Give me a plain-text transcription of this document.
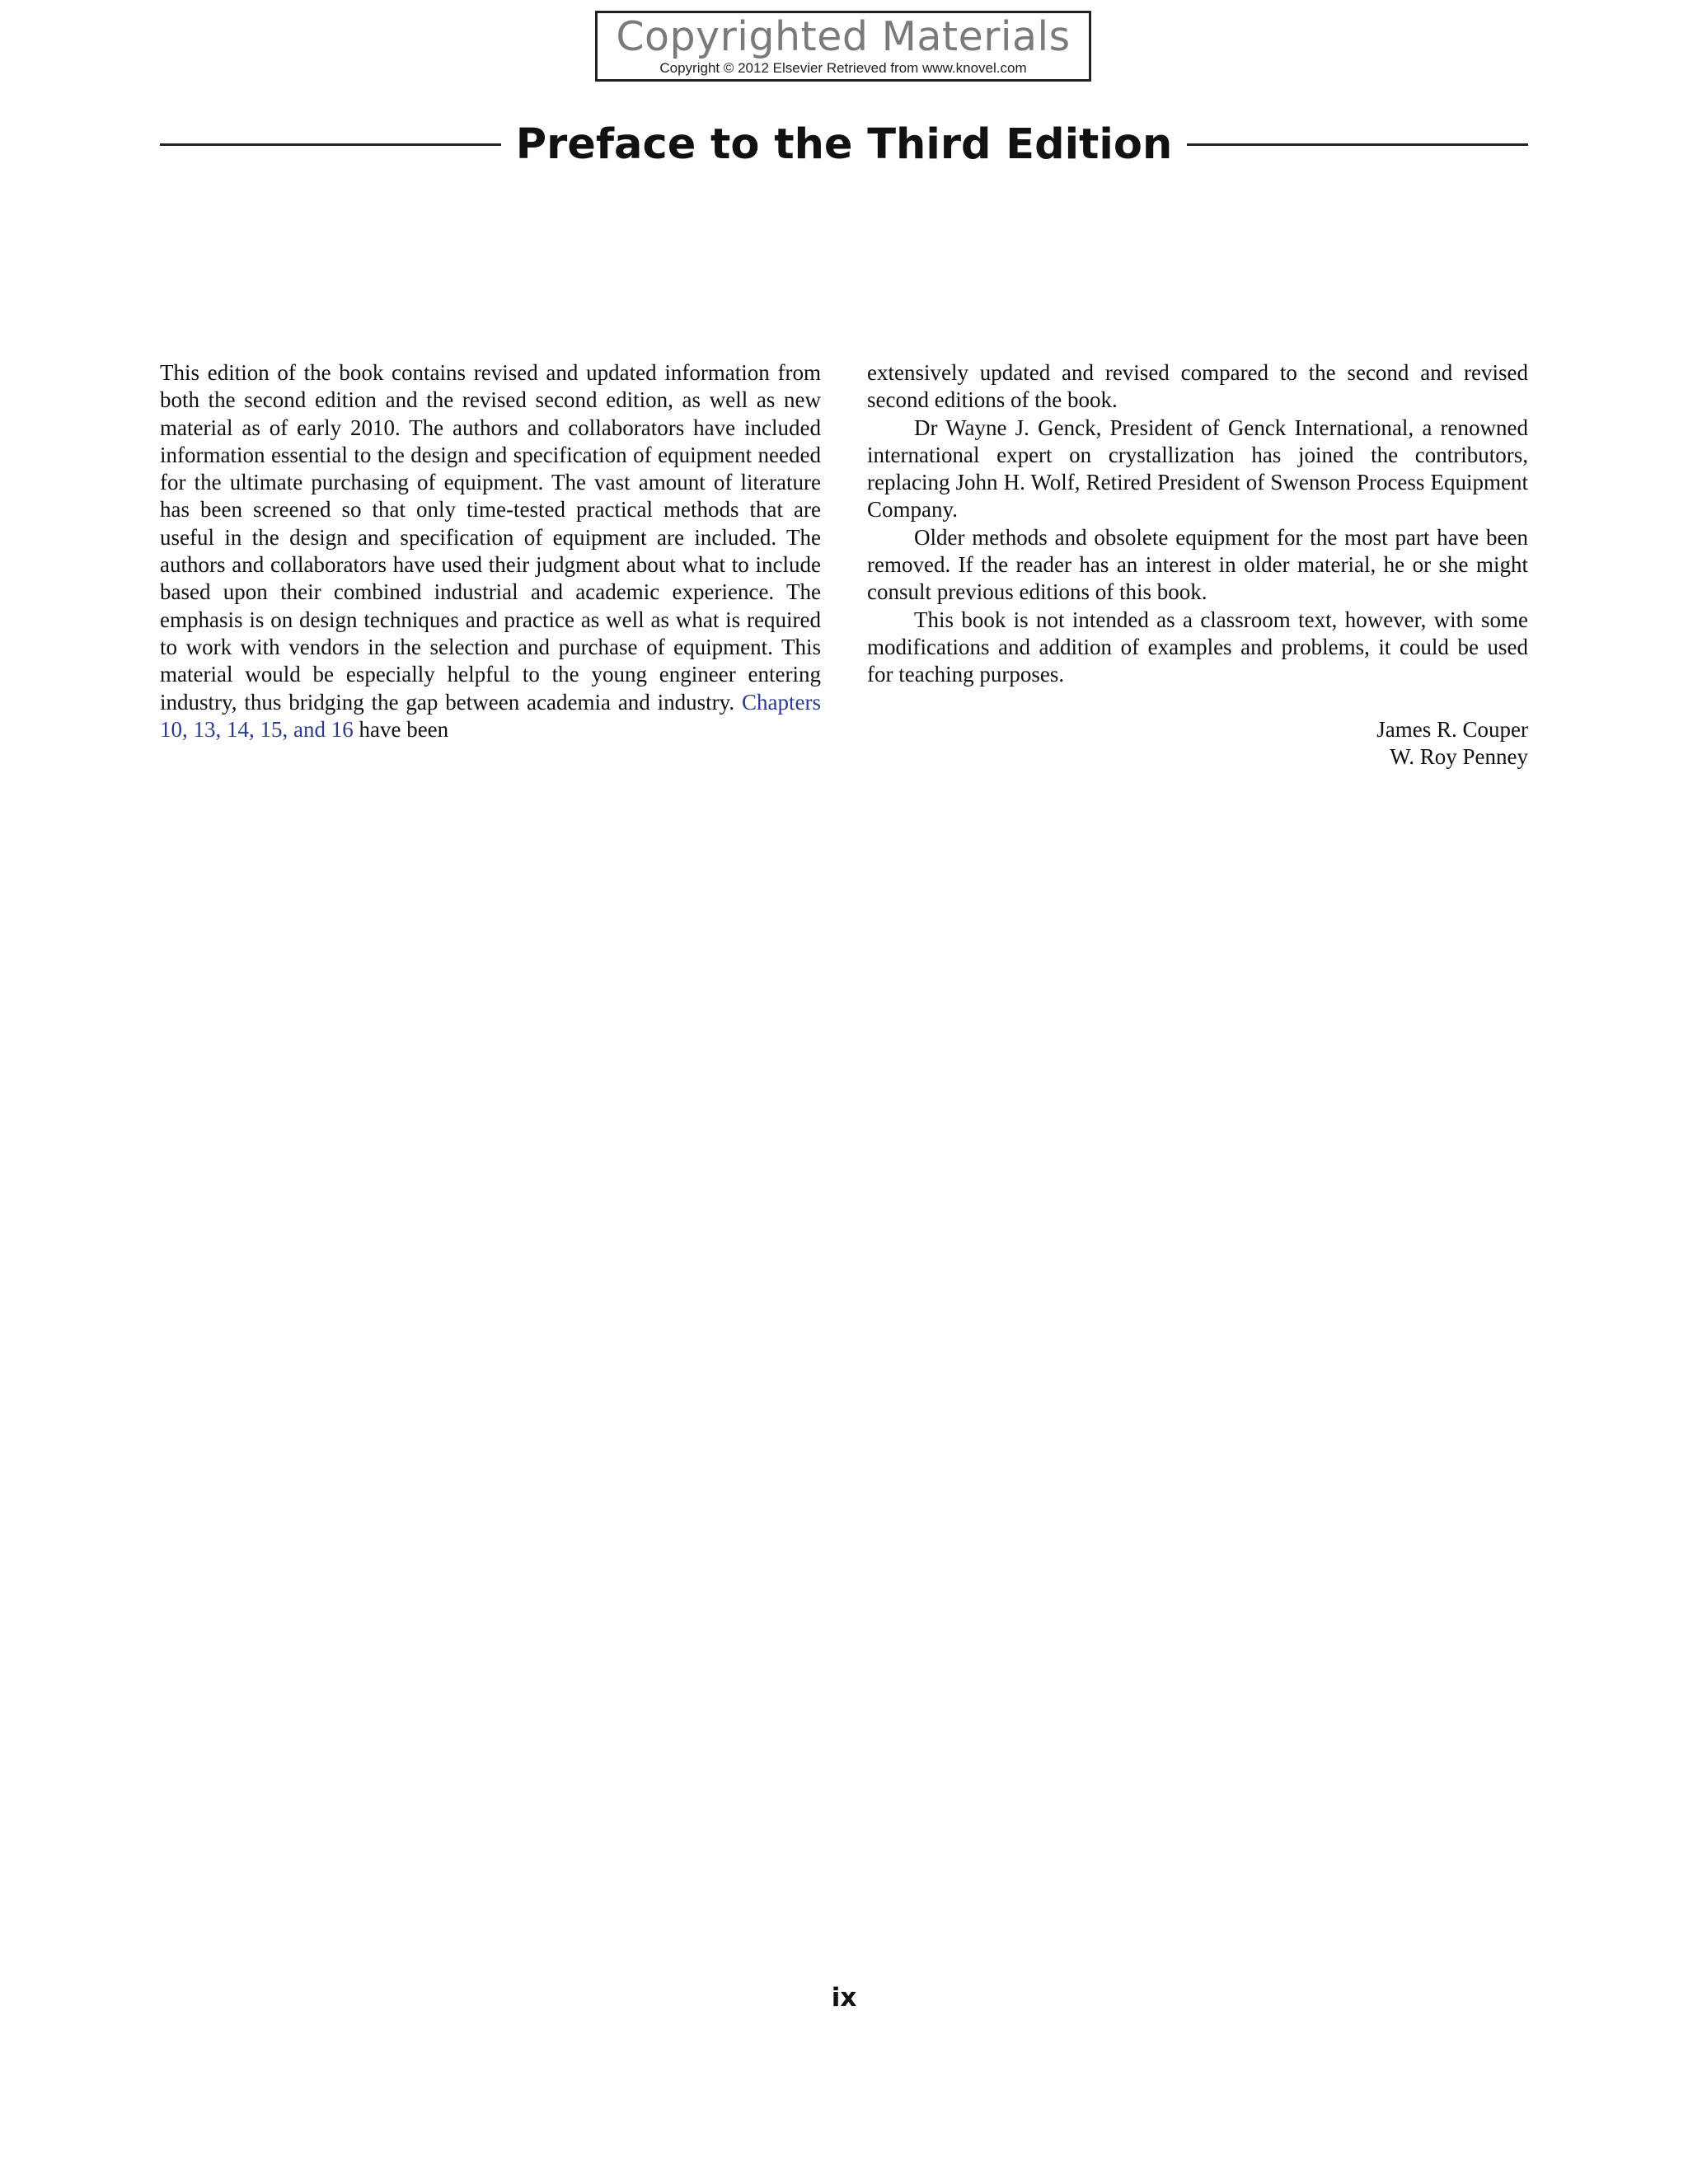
Copyrighted Materials
Copyright © 2012 Elsevier Retrieved from www.knovel.com
Preface to the Third Edition

This edition of the book contains revised and updated information from both the second edition and the revised second edition, as well as new material as of early 2010. The authors and collaborators have included information essential to the design and specification of equipment needed for the ultimate purchasing of equipment. The vast amount of literature has been screened so that only time-tested practical methods that are useful in the design and specification of equipment are included. The authors and collaborators have used their judgment about what to include based upon their combined industrial and academic experience. The emphasis is on design techniques and practice as well as what is required to work with vendors in the selection and purchase of equipment. This material would be especially helpful to the young engineer entering industry, thus bridging the gap between academia and industry. Chapters 10, 13, 14, 15, and 16 have been

extensively updated and revised compared to the second and revised second editions of the book.

Dr Wayne J. Genck, President of Genck International, a renowned international expert on crystallization has joined the contributors, replacing John H. Wolf, Retired President of Swenson Process Equipment Company.

Older methods and obsolete equipment for the most part have been removed. If the reader has an interest in older material, he or she might consult previous editions of this book.

This book is not intended as a classroom text, however, with some modifications and addition of examples and problems, it could be used for teaching purposes.

James R. Couper
W. Roy Penney
ix
